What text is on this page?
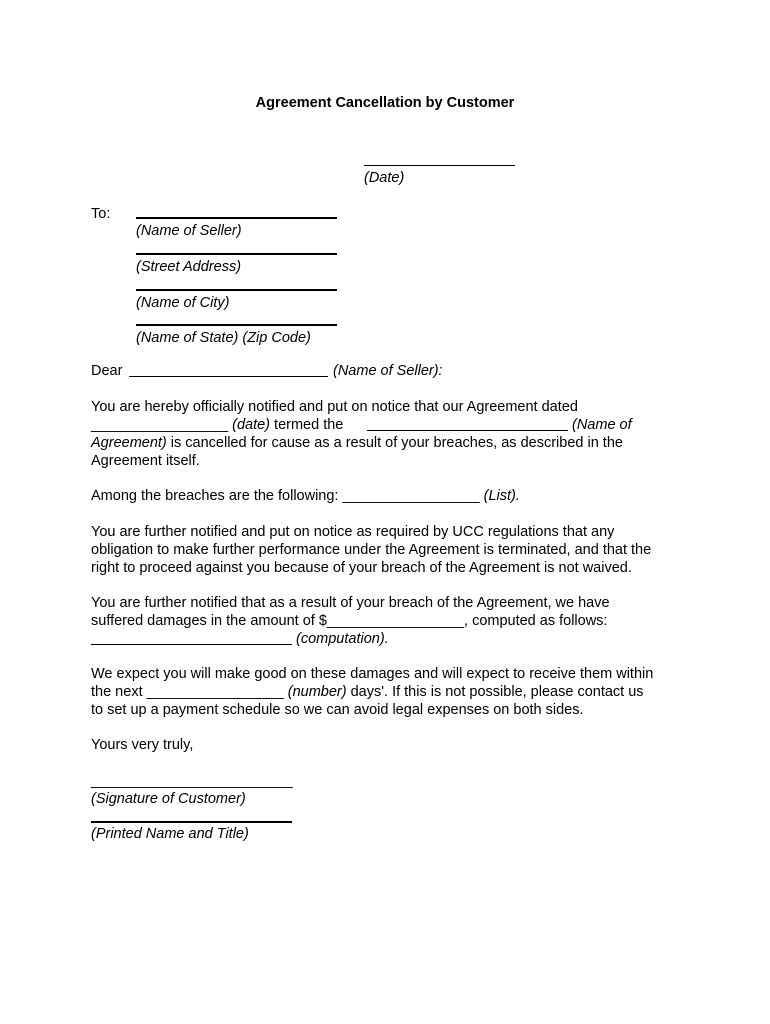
Agreement Cancellation by Customer
(Date)
To:
(Name of Seller)
(Street Address)
(Name of City)
(Name of State) (Zip Code)
Dear	(Name of Seller):
You are hereby officially notified and put on notice that our Agreement dated
_________________ (date) termed the	(Name of
Agreement) is cancelled for cause as a result of your breaches, as described in the
Agreement itself.
Among the breaches are the following: _________________ (List).
You are further notified and put on notice as required by UCC regulations that any
obligation to make further performance under the Agreement is terminated, and that the
right to proceed against you because of your breach of the Agreement is not waived.
You are further notified that as a result of your breach of the Agreement, we have
suffered damages in the amount of $_________________, computed as follows:
(computation).
We expect you will make good on these damages and will expect to receive them within
the next _________________ (number) days'. If this is not possible, please contact us
to set up a payment schedule so we can avoid legal expenses on both sides.
Yours very truly,
_________________________
(Signature of Customer)
(Printed Name and Title)
